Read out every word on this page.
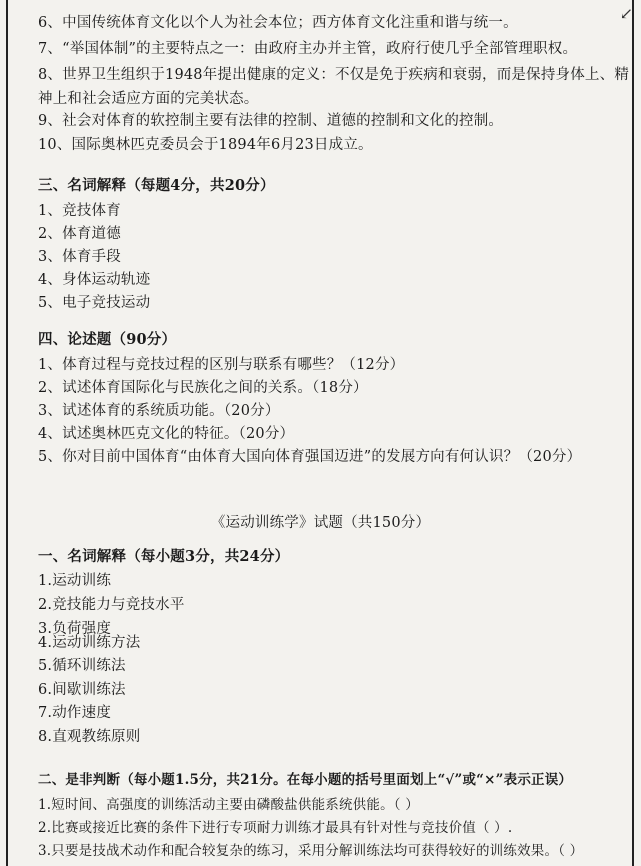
↙
6、中国传统体育文化以个人为社会本位；西方体育文化注重和谐与统一。
7、“举国体制”的主要特点之一：由政府主办并主管，政府行使几乎全部管理职权。
8、世界卫生组织于1948年提出健康的定义：不仅是免于疾病和衰弱，而是保持身体上、精
神上和社会适应方面的完美状态。
9、社会对体育的软控制主要有法律的控制、道德的控制和文化的控制。
10、国际奥林匹克委员会于1894年6月23日成立。
三、名词解释（每题4分，共20分）
1、竞技体育
2、体育道德
3、体育手段
4、身体运动轨迹
5、电子竞技运动
四、论述题（90分）
1、体育过程与竞技过程的区别与联系有哪些？（12分）
2、试述体育国际化与民族化之间的关系。（18分）
3、试述体育的系统质功能。（20分）
4、试述奥林匹克文化的特征。（20分）
5、你对目前中国体育“由体育大国向体育强国迈进”的发展方向有何认识？（20分）
《运动训练学》试题（共150分）
一、名词解释（每小题3分，共24分）
1.运动训练
2.竞技能力与竞技水平
3.负荷强度
4.运动训练方法
5.循环训练法
6.间歇训练法
7.动作速度
8.直观教练原则
二、是非判断（每小题1.5分，共21分。在每小题的括号里面划上“√”或“×”表示正误）
1.短时间、高强度的训练活动主要由磷酸盐供能系统供能。（ ）
2.比赛或接近比赛的条件下进行专项耐力训练才最具有针对性与竞技价值（ ）.
3.只要是技战术动作和配合较复杂的练习，采用分解训练法均可获得较好的训练效果。（ ）
